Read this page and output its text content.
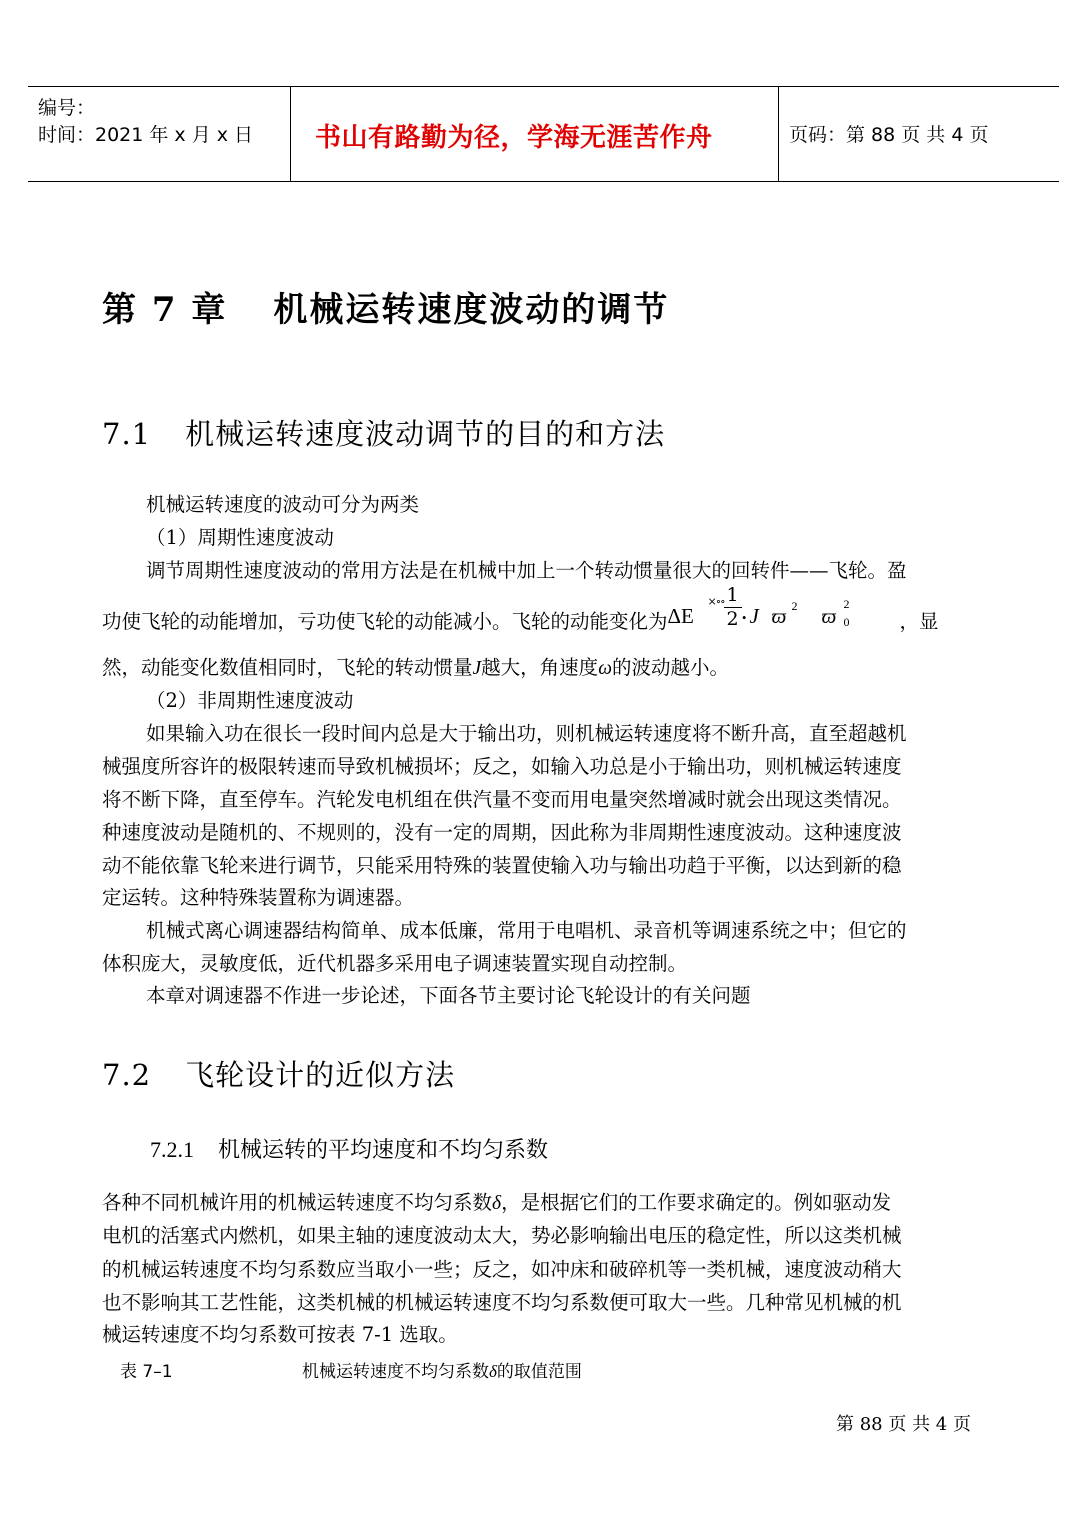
编号：
时间：2021 年 x 月 x 日 书山有路勤为径，学海无涯苦作舟	页码：第 88 页 共 4 页
第 7 章 机械运转速度波动的调节
7.1 机械运转速度波动调节的目的和方法
机械运转速度的波动可分为两类
（1）周期性速度波动
调节周期性速度波动的常用方法是在机械中加上一个转动惯量很大的回转件——飞轮。盈
功使飞轮的动能增加，亏功使飞轮的动能减小。飞轮的动能变化为 ΔE
×∘∘ 1
2 ∙ J ϖ 2 ϖ 2
0	，显
然，动能变化数值相同时，飞轮的转动惯量J越大，角速度ω的波动越小。
（2）非周期性速度波动
如果输入功在很长一段时间内总是大于输出功，则机械运转速度将不断升高，直至超越机
械强度所容许的极限转速而导致机械损坏；反之，如输入功总是小于输出功，则机械运转速度
将不断下降，直至停车。汽轮发电机组在供汽量不变而用电量突然增减时就会出现这类情况。
种速度波动是随机的、不规则的，没有一定的周期，因此称为非周期性速度波动。这种速度波
动不能依靠飞轮来进行调节，只能采用特殊的装置使输入功与输出功趋于平衡，以达到新的稳
定运转。这种特殊装置称为调速器。
机械式离心调速器结构简单、成本低廉，常用于电唱机、录音机等调速系统之中；但它的
体积庞大，灵敏度低，近代机器多采用电子调速装置实现自动控制。
本章对调速器不作进一步论述，下面各节主要讨论飞轮设计的有关问题
7.2 飞轮设计的近似方法
7.2.1 机械运转的平均速度和不均匀系数
各种不同机械许用的机械运转速度不均匀系数δ，是根据它们的工作要求确定的。例如驱动发
电机的活塞式内燃机，如果主轴的速度波动太大，势必影响输出电压的稳定性，所以这类机械
的机械运转速度不均匀系数应当取小一些；反之，如冲床和破碎机等一类机械，速度波动稍大
也不影响其工艺性能，这类机械的机械运转速度不均匀系数便可取大一些。几种常见机械的机
械运转速度不均匀系数可按表 7-1 选取。
表 7–1	机械运转速度不均匀系数δ的取值范围
第 88 页 共 4 页
